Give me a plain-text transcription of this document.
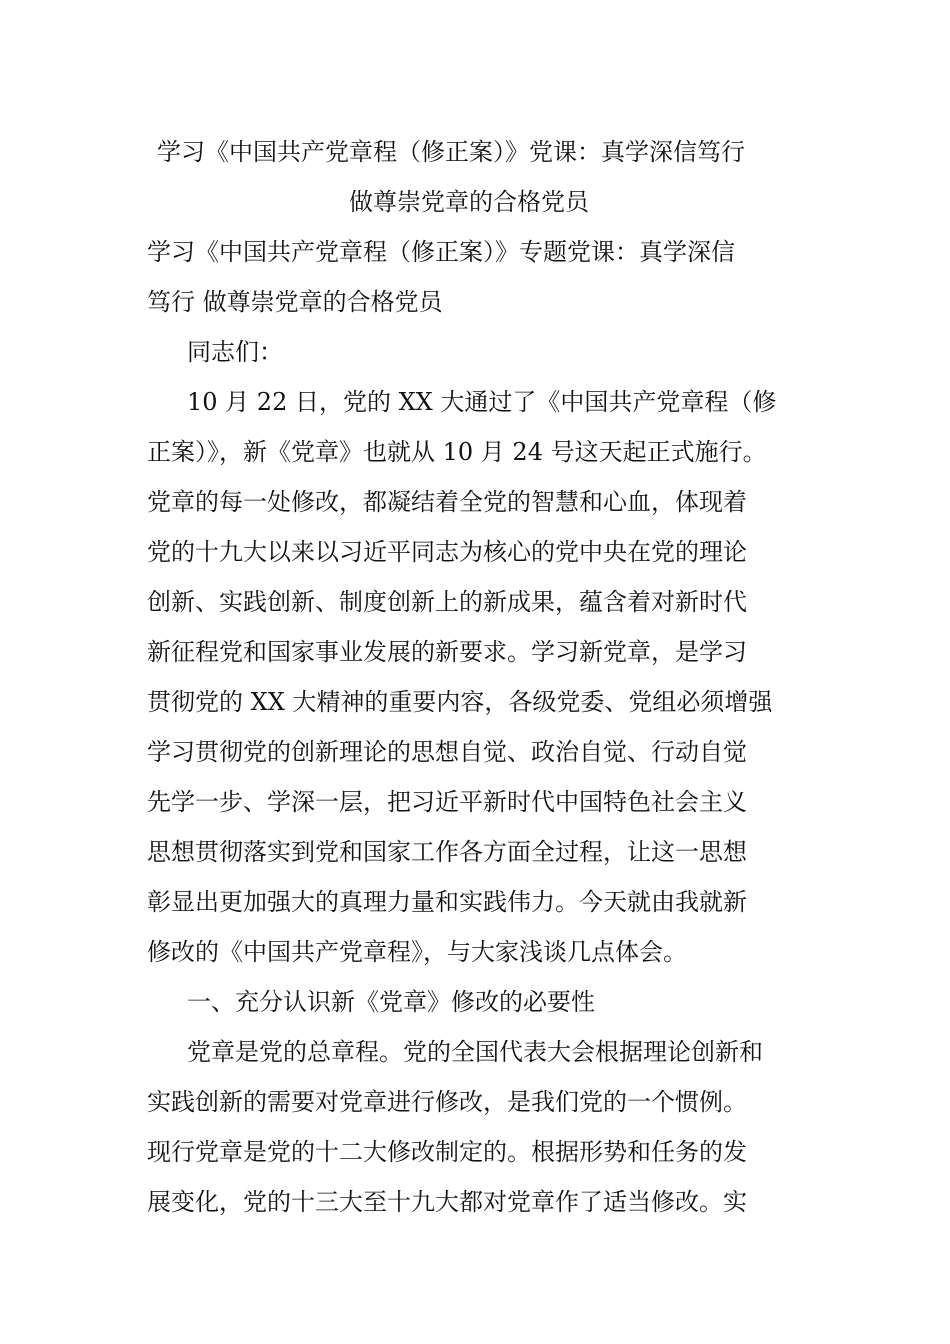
学习《中国共产党章程（修正案）》党课：真学深信笃行
做尊崇党章的合格党员
学习《中国共产党章程（修正案）》专题党课：真学深信
笃行 做尊崇党章的合格党员
同志们：
10 月 22 日，党的 XX 大通过了《中国共产党章程（修
正案）》，新《党章》也就从 10 月 24 号这天起正式施行。
党章的每一处修改，都凝结着全党的智慧和心血，体现着
党的十九大以来以习近平同志为核心的党中央在党的理论
创新、实践创新、制度创新上的新成果，蕴含着对新时代
新征程党和国家事业发展的新要求。学习新党章，是学习
贯彻党的 XX 大精神的重要内容，各级党委、党组必须增强
学习贯彻党的创新理论的思想自觉、政治自觉、行动自觉
先学一步、学深一层，把习近平新时代中国特色社会主义
思想贯彻落实到党和国家工作各方面全过程，让这一思想
彰显出更加强大的真理力量和实践伟力。今天就由我就新
修改的《中国共产党章程》，与大家浅谈几点体会。
一、充分认识新《党章》修改的必要性
党章是党的总章程。党的全国代表大会根据理论创新和
实践创新的需要对党章进行修改，是我们党的一个惯例。
现行党章是党的十二大修改制定的。根据形势和任务的发
展变化，党的十三大至十九大都对党章作了适当修改。实
